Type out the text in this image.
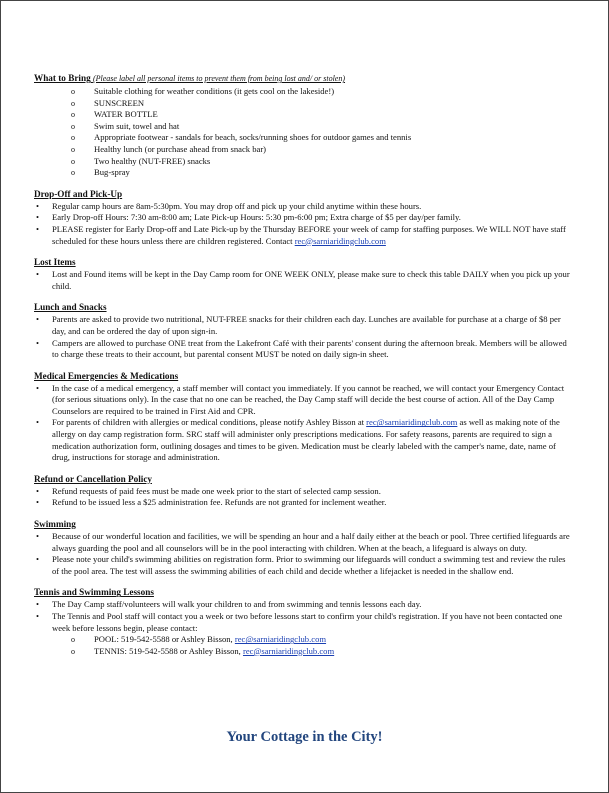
What to Bring (Please label all personal items to prevent them from being lost and/ or stolen)
o Suitable clothing for weather conditions (it gets cool on the lakeside!)
o SUNSCREEN
o WATER BOTTLE
o Swim suit, towel and hat
o Appropriate footwear - sandals for beach, socks/running shoes for outdoor games and tennis
o Healthy lunch (or purchase ahead from snack bar)
o Two healthy (NUT-FREE) snacks
o Bug-spray
Drop-Off and Pick-Up
• Regular camp hours are 8am-5:30pm. You may drop off and pick up your child anytime within these hours.
• Early Drop-off Hours: 7:30 am-8:00 am; Late Pick-up Hours: 5:30 pm-6:00 pm; Extra charge of $5 per day/per family.
• PLEASE register for Early Drop-off and Late Pick-up by the Thursday BEFORE your week of camp for staffing purposes. We WILL NOT have staff scheduled for these hours unless there are children registered. Contact rec@sarniaridingclub.com
Lost Items
• Lost and Found items will be kept in the Day Camp room for ONE WEEK ONLY, please make sure to check this table DAILY when you pick up your child.
Lunch and Snacks
• Parents are asked to provide two nutritional, NUT-FREE snacks for their children each day. Lunches are available for purchase at a charge of $8 per day, and can be ordered the day of upon sign-in.
• Campers are allowed to purchase ONE treat from the Lakefront Café with their parents' consent during the afternoon break. Members will be allowed to charge these treats to their account, but parental consent MUST be noted on daily sign-in sheet.
Medical Emergencies & Medications
• In the case of a medical emergency, a staff member will contact you immediately. If you cannot be reached, we will contact your Emergency Contact (for serious situations only). In the case that no one can be reached, the Day Camp staff will decide the best course of action. All of the Day Camp Counselors are required to be trained in First Aid and CPR.
• For parents of children with allergies or medical conditions, please notify Ashley Bisson at rec@sarniaridingclub.com as well as making note of the allergy on day camp registration form. SRC staff will administer only prescriptions medications. For safety reasons, parents are required to sign a medication authorization form, outlining dosages and times to be given. Medication must be clearly labeled with the camper's name, date, name of drug, instructions for storage and administration.
Refund or Cancellation Policy
• Refund requests of paid fees must be made one week prior to the start of selected camp session.
• Refund to be issued less a $25 administration fee. Refunds are not granted for inclement weather.
Swimming
• Because of our wonderful location and facilities, we will be spending an hour and a half daily either at the beach or pool. Three certified lifeguards are always guarding the pool and all counselors will be in the pool interacting with children. When at the beach, a lifeguard is always on duty.
• Please note your child's swimming abilities on registration form. Prior to swimming our lifeguards will conduct a swimming test and review the rules of the pool area. The test will assess the swimming abilities of each child and decide whether a lifejacket is needed in the shallow end.
Tennis and Swimming Lessons
• The Day Camp staff/volunteers will walk your children to and from swimming and tennis lessons each day.
• The Tennis and Pool staff will contact you a week or two before lessons start to confirm your child's registration. If you have not been contacted one week before lessons begin, please contact:
o POOL: 519-542-5588 or Ashley Bisson, rec@sarniaridingclub.com
o TENNIS: 519-542-5588 or Ashley Bisson, rec@sarniaridingclub.com
Your Cottage in the City!
